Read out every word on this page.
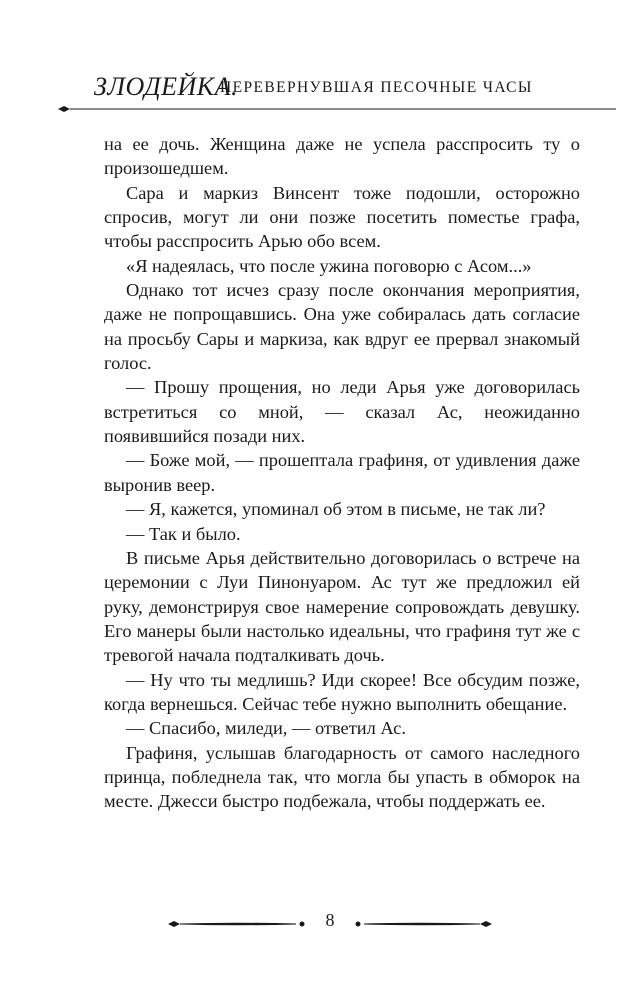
ЗЛОДЕЙКА.
ПЕРЕВЕРНУВШАЯ ПЕСОЧНЫЕ ЧАСЫ

на ее дочь. Женщина даже не успела расспросить ту о произошедшем.

Сара и маркиз Винсент тоже подошли, осторожно спросив, могут ли они позже посетить поместье графа, чтобы расспросить Арью обо всем.

«Я надеялась, что после ужина поговорю с Асом...»

Однако тот исчез сразу после окончания мероприятия, даже не попрощавшись. Она уже собиралась дать согласие на просьбу Сары и маркиза, как вдруг ее прервал знакомый голос.

— Прошу прощения, но леди Арья уже договорилась встретиться со мной, — сказал Ас, неожиданно появившийся позади них.

— Боже мой, — прошептала графиня, от удивления даже выронив веер.

— Я, кажется, упоминал об этом в письме, не так ли?

— Так и было.

В письме Арья действительно договорилась о встрече на церемонии с Луи Пинонуаром. Ас тут же предложил ей руку, демонстрируя свое намерение сопровождать девушку. Его манеры были настолько идеальны, что графиня тут же с тревогой начала подталкивать дочь.

— Ну что ты медлишь? Иди скорее! Все обсудим позже, когда вернешься. Сейчас тебе нужно выполнить обещание.

— Спасибо, миледи, — ответил Ас.

Графиня, услышав благодарность от самого наследного принца, побледнела так, что могла бы упасть в обморок на месте. Джесси быстро подбежала, чтобы поддержать ее.

8
